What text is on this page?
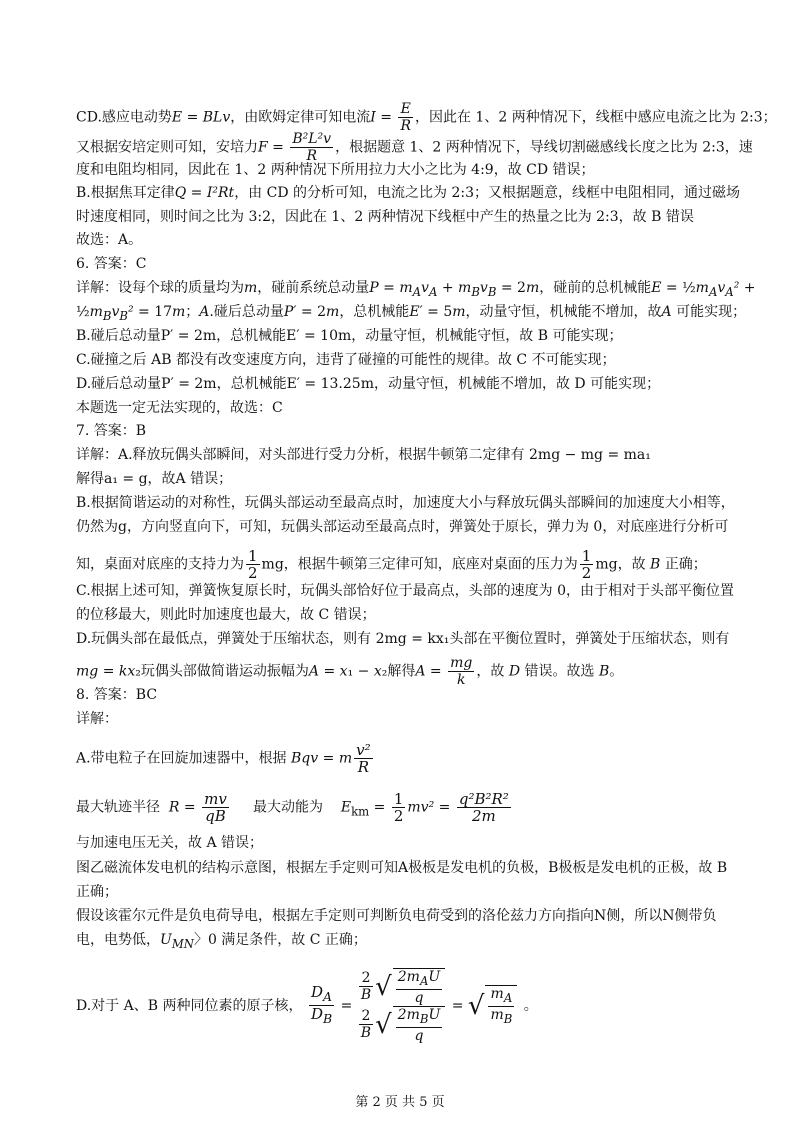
CD.感应电动势E = BLv，由欧姆定律可知电流$I = \frac{E}{R}$ ，因此在 1、2 两种情况下，线框中感应电流之比为 2:3；
又根据安培定则可知，安培力$F = \frac{\text{B²L²v}}{R}$ ，根据题意 1、2 两种情况下，导线切割磁感线长度之比为 2:3，速
度和电阻均相同，因此在 1、2 两种情况下所用拉力大小之比为 4:9，故 CD 错误；
B.根据焦耳定律Q = I²Rt，由 CD 的分析可知，电流之比为 2:3；又根据题意，线框中电阻相同，通过磁场
时速度相同，则时间之比为 3:2，因此在 1、2 两种情况下线框中产生的热量之比为 2:3，故 B 错误
故选：A。
6. 答案：C
详解：设每个球的质量均为m，碰前系统总动量$P = m_Av_A + m_Bv_B = 2m$，碰前的总机械能$E = \frac{1}{2}m_Av_A^2$ +
$\frac{1}{2}m_Bv_B^2 = 17m$；A.碰后总动量P′ = 2m，总机械能E′ = 5m，动量守恒，机械能不增加，故A 可能实现；
B.碰后总动量P′ = 2m，总机械能E′ = 10m，动量守恒，机械能守恒，故 B 可能实现；
C.碰撞之后 AB 都没有改变速度方向，违背了碰撞的可能性的规律。故 C 不可能实现；
D.碰后总动量P′ = 2m，总机械能E′ = 13.25m，动量守恒，机械能不增加，故 D 可能实现；
本题选一定无法实现的，故选：C
7. 答案：B
详解：A.释放玩偶头部瞬间，对头部进行受力分析，根据牛顿第二定律有 2mg − mg = ma₁
解得a₁ = g，故A 错误；
B.根据简谐运动的对称性，玩偶头部运动至最高点时，加速度大小与释放玩偶头部瞬间的加速度大小相等，
仍然为g，方向竖直向下，可知，玩偶头部运动至最高点时，弹簧处于原长，弹力为 0，对底座进行分析可
知，桌面对底座的支持力为 $\frac{1}{2}$ mg，根据牛顿第三定律可知，底座对桌面的压力为 $\frac{1}{2}$ mg，故 B 正确；
C.根据上述可知，弹簧恢复原长时，玩偶头部恰好位于最高点，头部的速度为 0，由于相对于头部平衡位置
的位移最大，则此时加速度也最大，故 C 错误；
D.玩偶头部在最低点，弹簧处于压缩状态，则有 2mg = kx₁头部在平衡位置时，弹簧处于压缩状态，则有
mg = kx₂玩偶头部做简谐运动振幅为A = x₁ − x₂解得$A = \frac{mg}{k}$ ，故 D 错误。故选 B。
8. 答案：BC
详解：
A.带电粒子在回旋加速器中，根据 Bqv = m $\frac{\text{v²}}{R}$
最大轨迹半径  $R = \frac{mv}{qB}$ 最大动能为    $E_{km} = \frac{1}{2} mv^2 = \frac{\text{q²B²R²}}{2m}$
与加速电压无关，故 A 错误；
图乙磁流体发电机的结构示意图，根据左手定则可知A极板是发电机的负极，B极板是发电机的正极，故 B
正确；
假设该霍尔元件是负电荷导电，根据左手定则可判断负电荷受到的洛伦兹力方向指向N侧，所以N侧带负
电，电势低，$U_{MN}$〉0 满足条件，故 C 正确；
D.对于 A、B 两种同位素的原子核， $\frac{D_A}{D_B}$ =
$\frac{2}{B}$ √ $\frac{2m_AU}{q}$
$\frac{2}{B}$ √ $\frac{2m_BU}{q}$ = √ $\frac{m_A}{m_B}$ 。
第 2 页 共 5 页
